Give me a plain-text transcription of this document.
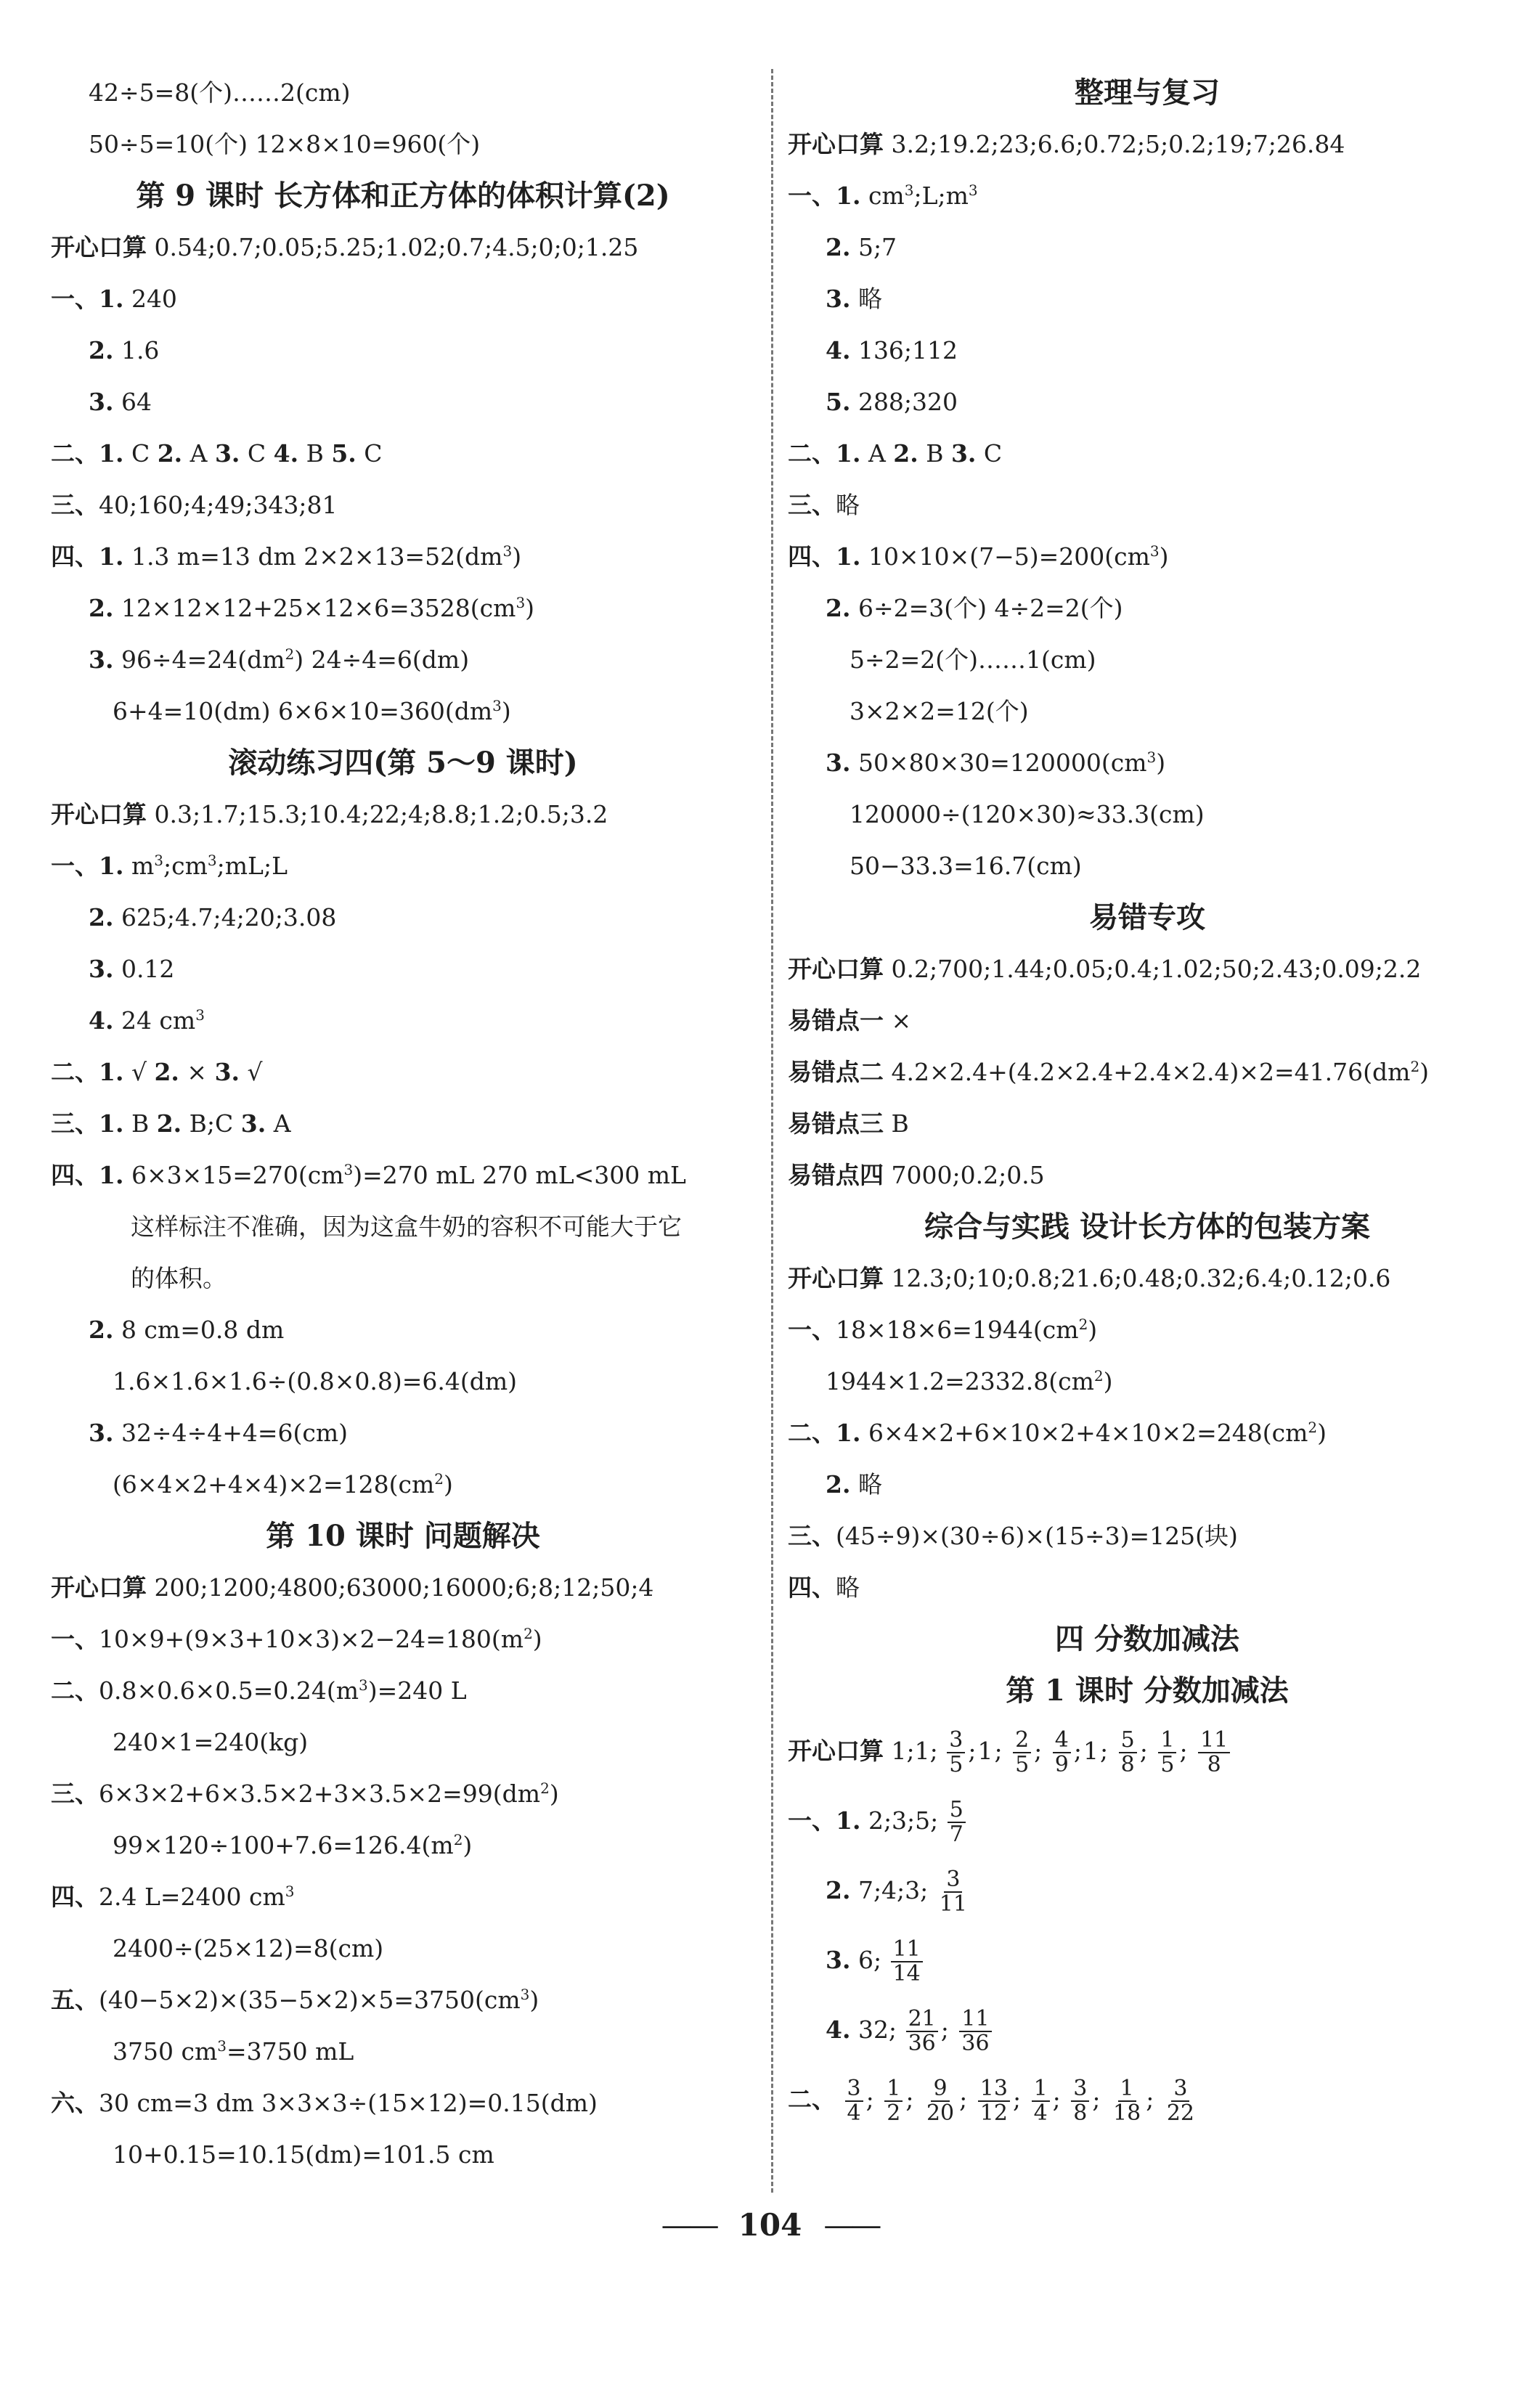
42÷5=8(个)……2(cm)
50÷5=10(个) 12×8×10=960(个)
第 9 课时 长方体和正方体的体积计算(2)
开心口算 0.54;0.7;0.05;5.25;1.02;0.7;4.5;0;0;1.25
一、1. 240
2. 1.6
3. 64
二、1. C 2. A 3. C 4. B 5. C
三、40;160;4;49;343;81
四、1. 1.3 m=13 dm $2\times 2\times 13=52(dm^3)$
2. $12\times 12\times 12+25\times 12\times 6=3528(cm^3)$
3. $96\div 4=24(dm^2)$ 24÷4=6(dm)
6+4=10(dm) $6\times 6\times 10=360(dm^3)$
滚动练习四(第 5～9 课时)
开心口算 0.3;1.7;15.3;10.4;22;4;8.8;1.2;0.5;3.2
一、1. $m^3;cm^3;mL;L$
2. 625;4.7;4;20;3.08
3. 0.12
4. 24 $cm^3$
二、1. √ 2. × 3. √
三、1. B 2. B;C 3. A
四、1. $6\times 3\times 15=270(cm^3)=270$ mL 270 mL<300 mL
这样标注不准确，因为这盒牛奶的容积不可能大于它
的体积。
2. 8 cm=0.8 dm
1.6×1.6×1.6÷(0.8×0.8)=6.4(dm)
3. 32÷4÷4+4=6(cm)
$(6\times 4\times 2+4\times 4)\times 2=128(cm^2)$
第 10 课时 问题解决
开心口算 200;1200;4800;63000;16000;6;8;12;50;4
一、$10\times 9+(9\times 3+10\times 3)\times 2-24=180(m^2)$
二、$0.8\times 0.6\times 0.5=0.24(m^3)=240$ L
240×1=240(kg)
三、$6\times 3\times 2+6\times 3.5\times 2+3\times 3.5\times 2=99(dm^2)$
$99\times 120\div 100+7.6=126.4(m^2)$
四、2.4 L=2400 $cm^3$
2400÷(25×12)=8(cm)
五、$(40-5\times 2)\times(35-5\times 2)\times 5=3750(cm^3)$
3750 $cm^3=3750$ mL
六、30 cm=3 dm 3×3×3÷(15×12)=0.15(dm)
10+0.15=10.15(dm)=101.5 cm
整理与复习
开心口算 3.2;19.2;23;6.6;0.72;5;0.2;19;7;26.84
一、1. $cm^3;L;m^3$
2. 5;7
3. 略
4. 136;112
5. 288;320
二、1. A 2. B 3. C
三、略
四、1. $10\times 10\times(7-5)=200(cm^3)$
2. 6÷2=3(个) 4÷2=2(个)
5÷2=2(个)……1(cm)
3×2×2=12(个)
3. $50\times 80\times 30=120000(cm^3)$
120000÷(120×30)≈33.3(cm)
50−33.3=16.7(cm)
易错专攻
开心口算 0.2;700;1.44;0.05;0.4;1.02;50;2.43;0.09;2.2
易错点一 ×
易错点二 $4.2\times 2.4+(4.2\times 2.4+2.4\times 2.4)\times 2=41.76(dm^2)$
易错点三 B
易错点四 7000;0.2;0.5
综合与实践 设计长方体的包装方案
开心口算 12.3;0;10;0.8;21.6;0.48;0.32;6.4;0.12;0.6
一、$18\times 18\times 6=1944(cm^2)$
$1944\times 1.2=2332.8(cm^2)$
二、1. $6\times 4\times 2+6\times 10\times 2+4\times 10\times 2=248(cm^2)$
2. 略
三、(45÷9)×(30÷6)×(15÷3)=125(块)
四、略
四 分数加减法
第 1 课时 分数加减法
开心口算 1;1; $\frac{3}{5}$ ;1; $\frac{2}{5}$ ; $\frac{4}{9}$ ;1; $\frac{5}{8}$ ; $\frac{1}{5}$ ; $\frac{11}{8}$
一、1. 2;3;5; $\frac{5}{7}$
2. 7;4;3; $\frac{3}{11}$
3. 6; $\frac{11}{14}$
4. 32; $\frac{21}{36}$ ; $\frac{11}{36}$
二、 $\frac{3}{4}$ ; $\frac{1}{2}$ ; $\frac{9}{20}$ ; $\frac{13}{12}$ ; $\frac{1}{4}$ ; $\frac{3}{8}$ ; $\frac{1}{18}$ ; $\frac{3}{22}$
—— 104 ——
